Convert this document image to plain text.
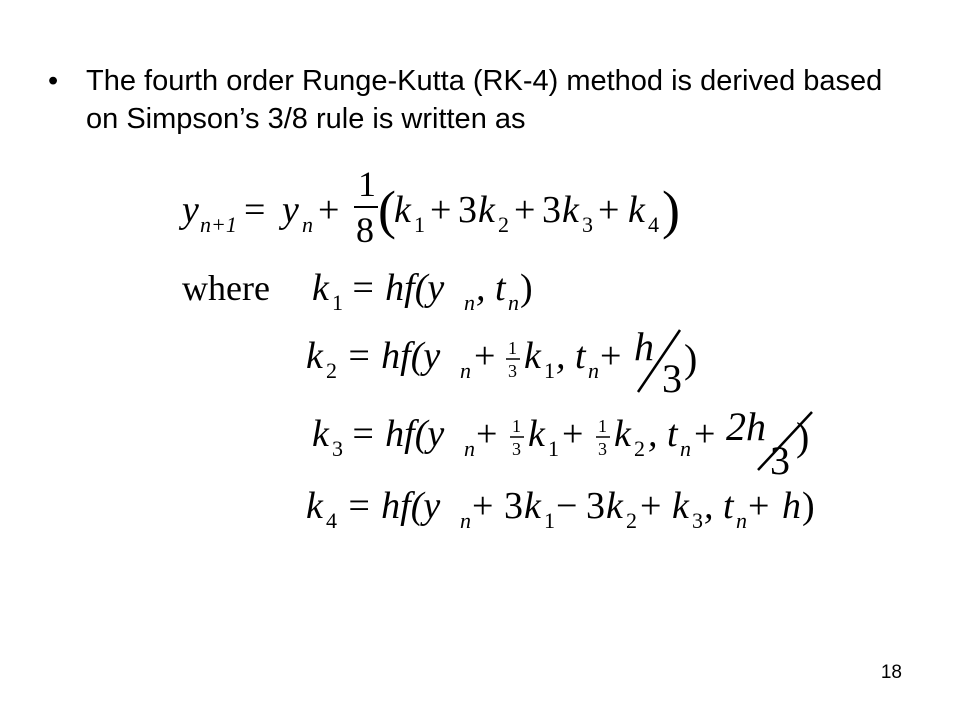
• The fourth order Runge-Kutta (RK-4) method is derived based on Simpson’s 3/8 rule is written as
y n+1 = y n +
1
8 (
k 1 + 3 k 2 + 3 k 3 + k 4 )
where k 1 = hf(y n , t n )
k 2 = hf(y n + 1
3 k 1 , t n + h
3 )
k 3 = hf(y n + 1
3 k 1 + 1
3 k 2 , t n + 2h
3
)
k 4 = hf(y n + 3 k 1 − 3 k 2 + k 3 , t n + h )
18
